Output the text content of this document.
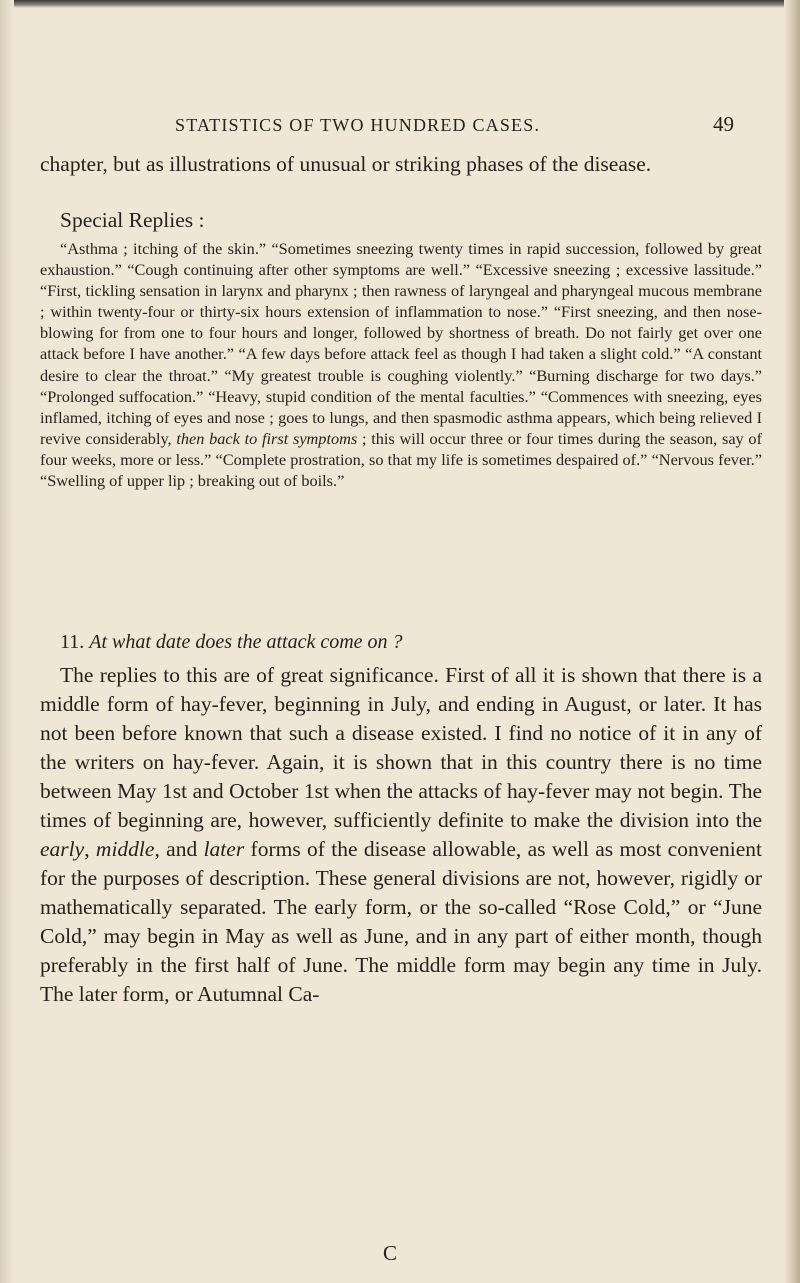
STATISTICS OF TWO HUNDRED CASES.	49

chapter, but as illustrations of unusual or striking phases of the disease.

Special Replies :

“Asthma ; itching of the skin.” “Sometimes sneezing twenty times in rapid succession, followed by great exhaustion.” “Cough continuing after other symptoms are well.” “Excessive sneezing ; excessive lassitude.” “First, tickling sensation in larynx and pharynx ; then rawness of laryngeal and pharyngeal mucous membrane ; within twenty-four or thirty-six hours extension of inflammation to nose.” “First sneezing, and then nose-blowing for from one to four hours and longer, followed by shortness of breath. Do not fairly get over one attack before I have another.” “A few days before attack feel as though I had taken a slight cold.” “A constant desire to clear the throat.” “My greatest trouble is coughing violently.” “Burning discharge for two days.” “Prolonged suffocation.” “Heavy, stupid condition of the mental faculties.” “Commences with sneezing, eyes inflamed, itching of eyes and nose ; goes to lungs, and then spasmodic asthma appears, which being relieved I revive considerably, then back to first symptoms ; this will occur three or four times during the season, say of four weeks, more or less.” “Complete prostration, so that my life is sometimes despaired of.” “Nervous fever.” “Swelling of upper lip ; breaking out of boils.”

11. At what date does the attack come on ?

The replies to this are of great significance. First of all it is shown that there is a middle form of hay-fever, beginning in July, and ending in August, or later. It has not been before known that such a disease existed. I find no notice of it in any of the writers on hay-fever. Again, it is shown that in this country there is no time between May 1st and October 1st when the attacks of hay-fever may not begin. The times of beginning are, however, sufficiently definite to make the division into the early, middle, and later forms of the disease allowable, as well as most convenient for the purposes of description. These general divisions are not, however, rigidly or mathematically separated. The early form, or the so-called “Rose Cold,” or “June Cold,” may begin in May as well as June, and in any part of either month, though preferably in the first half of June. The middle form may begin any time in July. The later form, or Autumnal Ca-

C
